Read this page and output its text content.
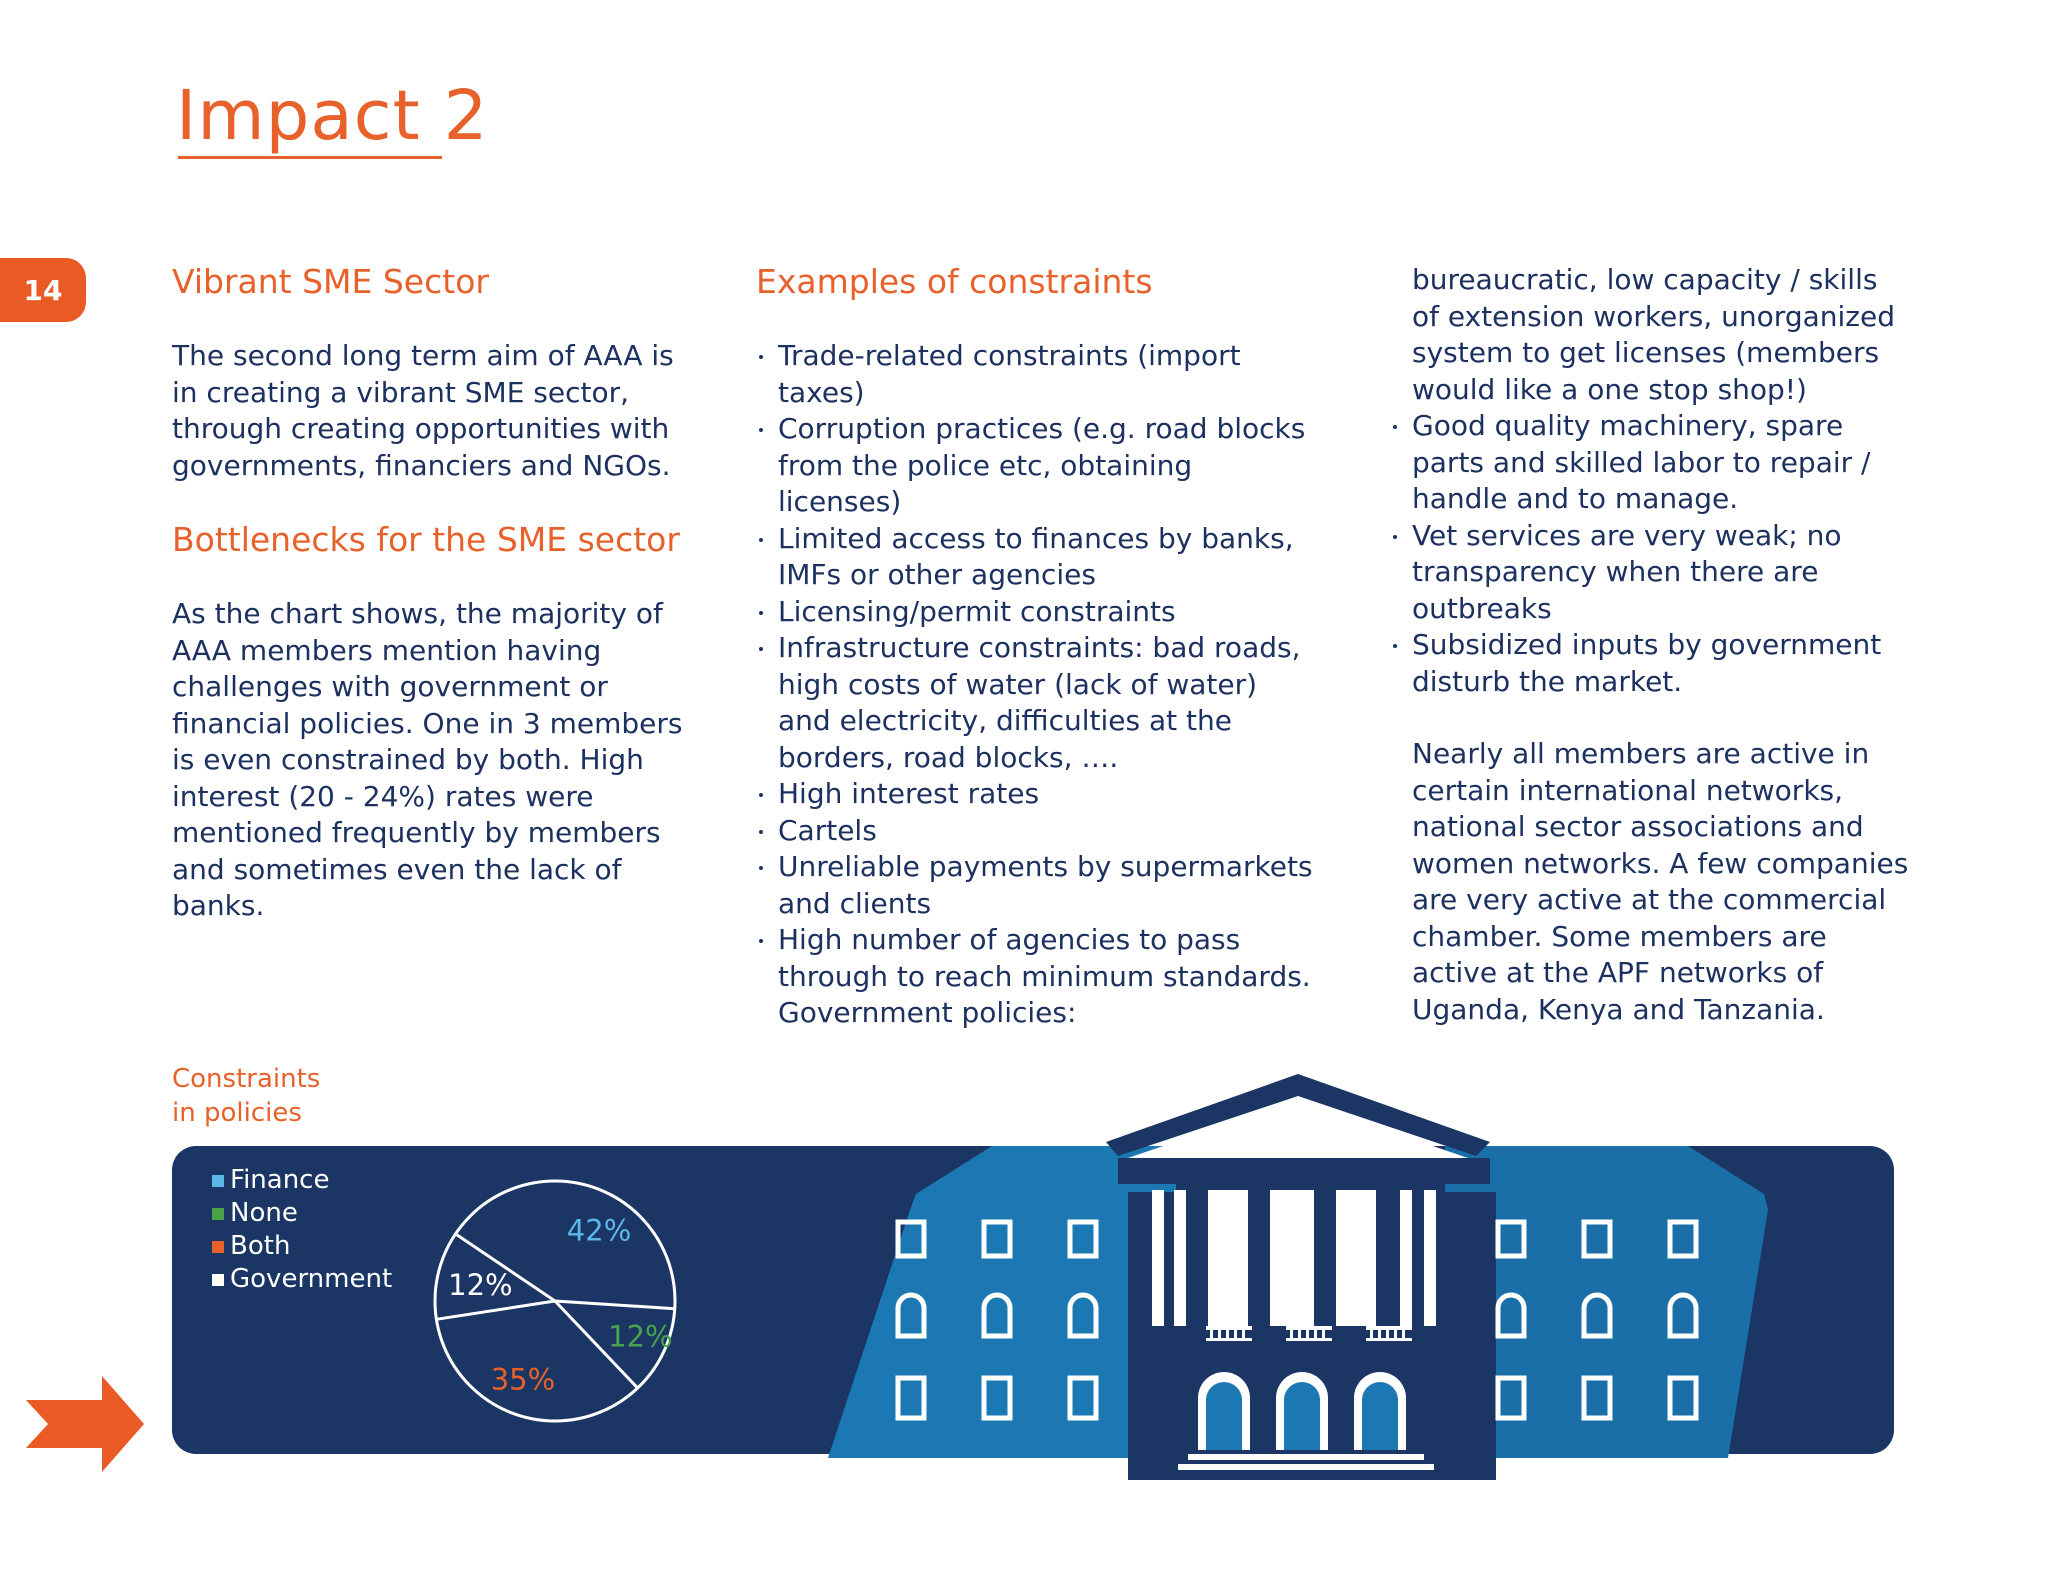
Impact 2
14	Vibrant SME Sector

The second long term aim of AAA is in creating a vibrant SME sector, through creating opportunities with governments, financiers and NGOs.

Bottlenecks for the SME sector

As the chart shows, the majority of AAA members mention having challenges with government or financial policies. One in 3 members is even constrained by both. High interest (20 - 24%) rates were mentioned frequently by members and sometimes even the lack of banks.

Examples of constraints
Trade-related constraints (import taxes)
Corruption practices (e.g. road blocks from the police etc, obtaining licenses)
Limited access to finances by banks, IMFs or other agencies
Licensing/permit constraints
Infrastructure constraints: bad roads, high costs of water (lack of water) and electricity, difficulties at the borders, road blocks, ….
High interest rates
Cartels
Unreliable payments by supermarkets and clients
High number of agencies to pass through to reach minimum standards. Government policies:

bureaucratic, low capacity / skills of extension workers, unorganized system to get licenses (members would like a one stop shop!)

Good quality machinery, spare parts and skilled labor to repair / handle and to manage.
Vet services are very weak; no transparency when there are outbreaks
Subsidized inputs by government disturb the market.

Nearly all members are active in certain international networks, national sector associations and women networks. A few companies are very active at the commercial chamber. Some members are active at the APF networks of Uganda, Kenya and Tanzania.

Constraints
in policies

Finance
None
Both
Government
42%
12%
35%
12%
